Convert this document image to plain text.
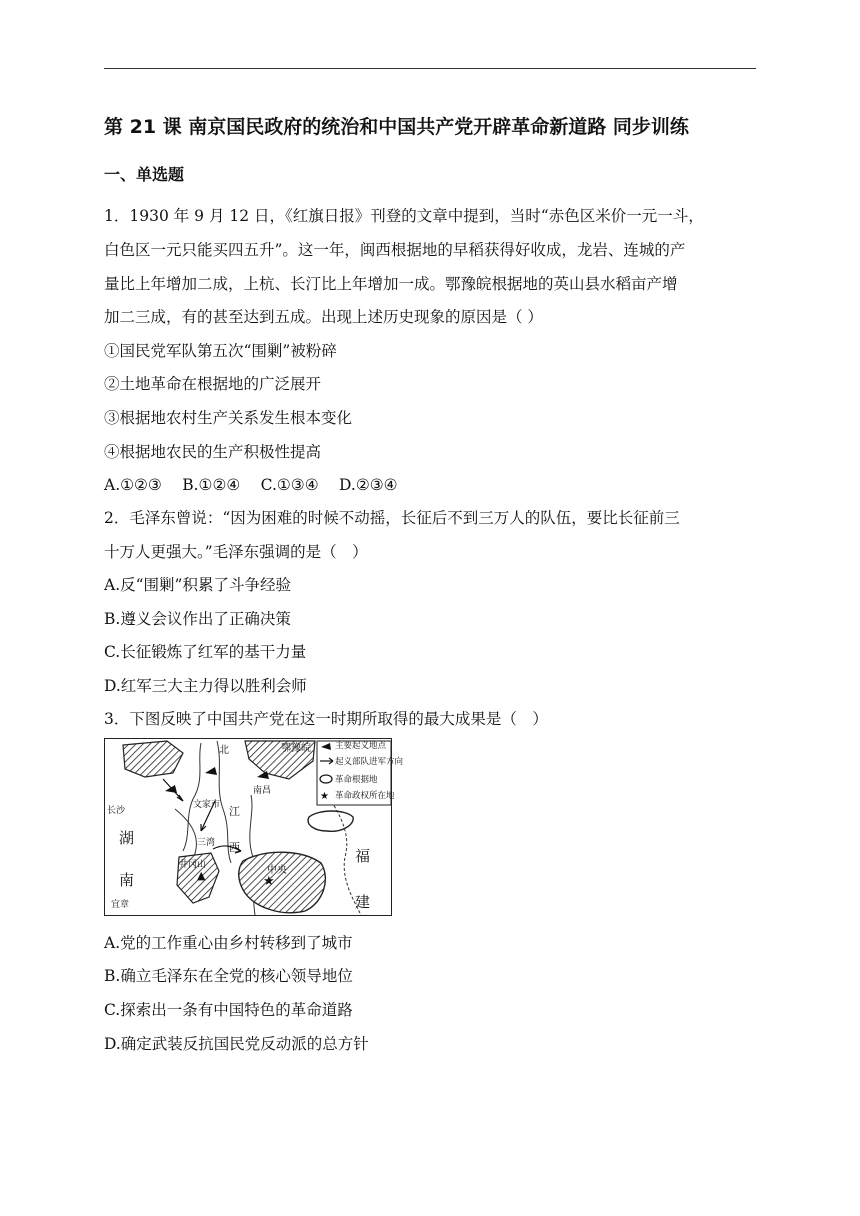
第 21 课 南京国民政府的统治和中国共产党开辟革命新道路 同步训练
一、单选题
1．1930 年 9 月 12 日，《红旗日报》刊登的文章中提到，当时“赤色区米价一元一斗，
白色区一元只能买四五升”。这一年，闽西根据地的早稻获得好收成，龙岩、连城的产
量比上年增加二成，上杭、长汀比上年增加一成。鄂豫皖根据地的英山县水稻亩产增
加二三成，有的甚至达到五成。出现上述历史现象的原因是（ ）
①国民党军队第五次“围剿”被粉碎
②土地革命在根据地的广泛展开
③根据地农村生产关系发生根本变化
④根据地农民的生产积极性提高
A.①②③　 B.①②④　 C.①③④　 D.②③④
2．毛泽东曾说：“因为困难的时候不动摇，长征后不到三万人的队伍，要比长征前三
十万人更强大。”毛泽东强调的是（　）
A.反“围剿”积累了斗争经验
B.遵义会议作出了正确决策
C.长征锻炼了红军的基干力量
D.红军三大主力得以胜利会师
3．下图反映了中国共产党在这一时期所取得的最大成果是（　）
▲	★
★
主要起义地点
起义部队进军方向
革命根据地
革命政权所在地
北	鄂豫皖
南昌
文家市
长沙	江
湖	三湾
井冈山
西
南
宜章
中央
福
建
A.党的工作重心由乡村转移到了城市
B.确立毛泽东在全党的核心领导地位
C.探索出一条有中国特色的革命道路
D.确定武装反抗国民党反动派的总方针
